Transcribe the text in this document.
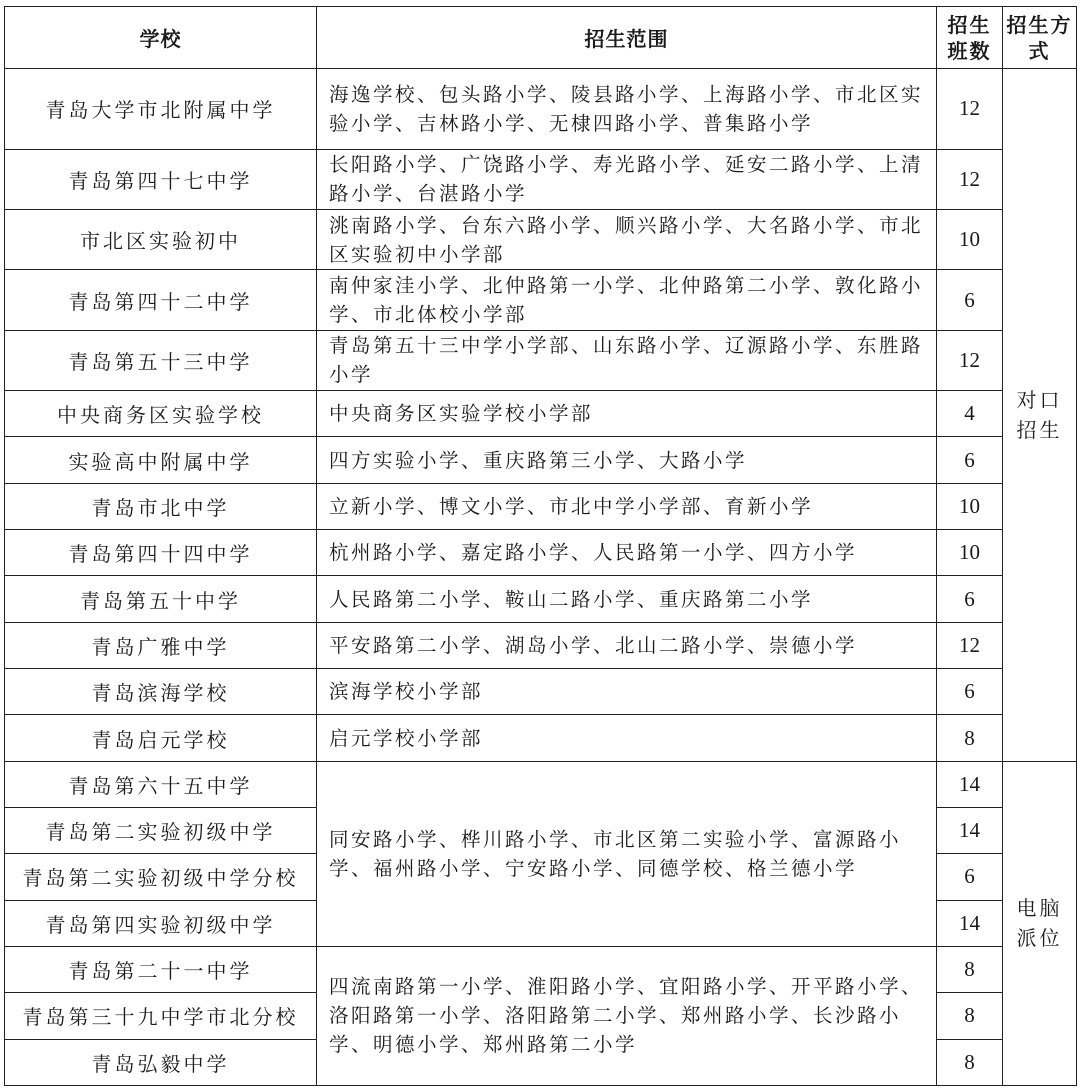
学校	招生范围	招生班数	招生方式
青岛大学市北附属中学	海逸学校、包头路小学、陵县路小学、上海路小学、市北区实验小学、吉林路小学、无棣四路小学、普集路小学	12	对口招生
青岛第四十七中学	长阳路小学、广饶路小学、寿光路小学、延安二路小学、上清路小学、台湛路小学	12	
市北区实验初中	洮南路小学、台东六路小学、顺兴路小学、大名路小学、市北区实验初中小学部	10	
青岛第四十二中学	南仲家洼小学、北仲路第一小学、北仲路第二小学、敦化路小学、市北体校小学部	6	
青岛第五十三中学	青岛第五十三中学小学部、山东路小学、辽源路小学、东胜路小学	12	
中央商务区实验学校	中央商务区实验学校小学部	4	
实验高中附属中学	四方实验小学、重庆路第三小学、大路小学	6	
青岛市北中学	立新小学、博文小学、市北中学小学部、育新小学	10	
青岛第四十四中学	杭州路小学、嘉定路小学、人民路第一小学、四方小学	10	
青岛第五十中学	人民路第二小学、鞍山二路小学、重庆路第二小学	6	
青岛广雅中学	平安路第二小学、湖岛小学、北山二路小学、崇德小学	12	
青岛滨海学校	滨海学校小学部	6	
青岛启元学校	启元学校小学部	8	
青岛第六十五中学	同安路小学、桦川路小学、市北区第二实验小学、富源路小学、福州路小学、宁安路小学、同德学校、格兰德小学	14	电脑派位
青岛第二实验初级中学		14	
青岛第二实验初级中学分校		6	
青岛第四实验初级中学		14	
青岛第二十一中学	四流南路第一小学、淮阳路小学、宜阳路小学、开平路小学、洛阳路第一小学、洛阳路第二小学、郑州路小学、长沙路小学、明德小学、郑州路第二小学	8	
青岛第三十九中学市北分校		8	
青岛弘毅中学		8	
